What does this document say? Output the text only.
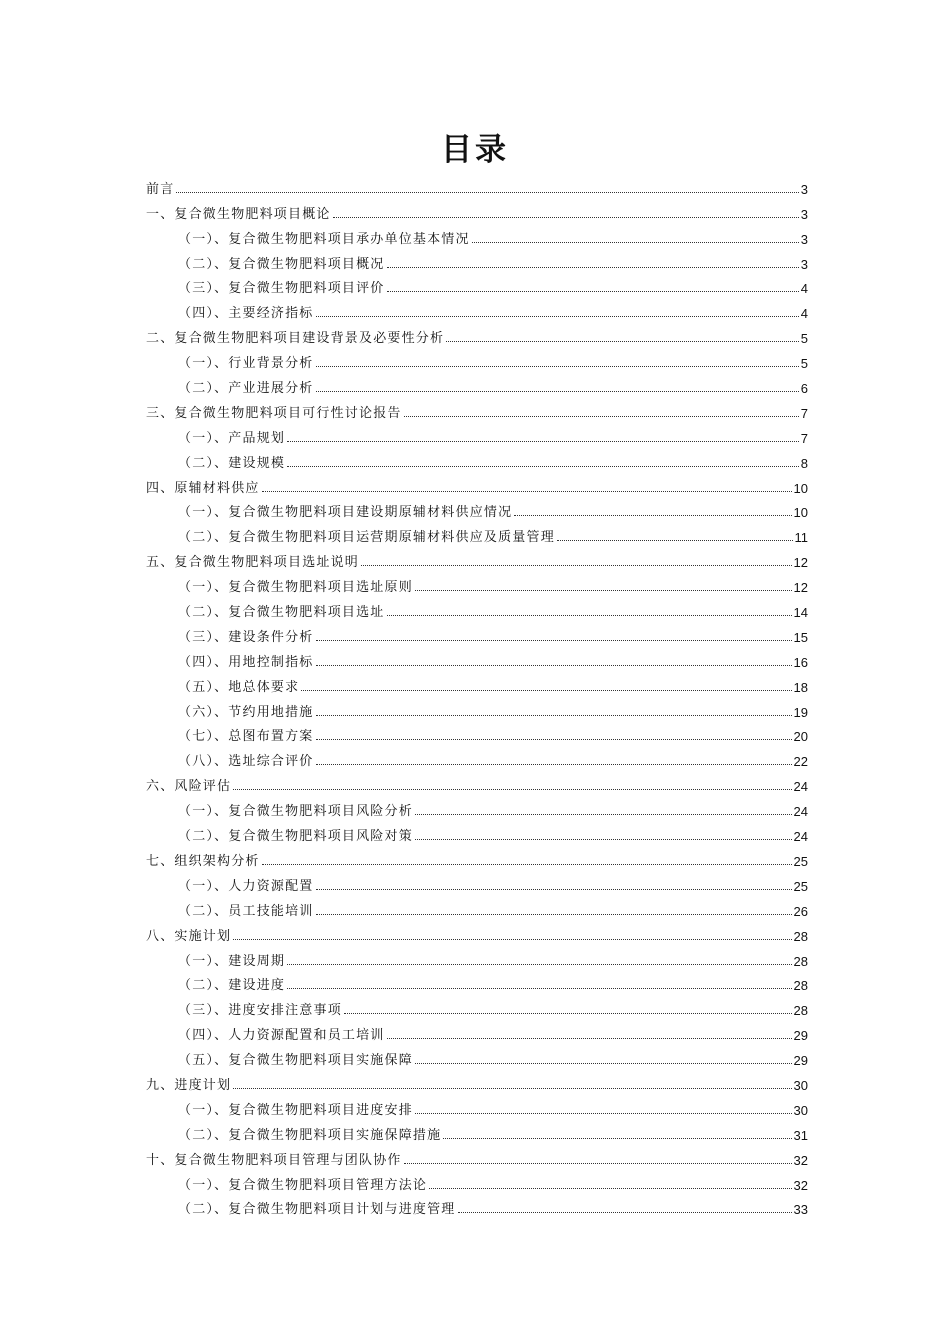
目录
前言	3
一、复合微生物肥料项目概论	3
（一）、复合微生物肥料项目承办单位基本情况	3
（二）、复合微生物肥料项目概况	3
（三）、复合微生物肥料项目评价	4
（四）、主要经济指标	4
二、复合微生物肥料项目建设背景及必要性分析	5
（一）、行业背景分析	5
（二）、产业进展分析	6
三、复合微生物肥料项目可行性讨论报告	7
（一）、产品规划	7
（二）、建设规模	8
四、原辅材料供应	10
（一）、复合微生物肥料项目建设期原辅材料供应情况	10
（二）、复合微生物肥料项目运营期原辅材料供应及质量管理	11
五、复合微生物肥料项目选址说明	12
（一）、复合微生物肥料项目选址原则	12
（二）、复合微生物肥料项目选址	14
（三）、建设条件分析	15
（四）、用地控制指标	16
（五）、地总体要求	18
（六）、节约用地措施	19
（七）、总图布置方案	20
（八）、选址综合评价	22
六、风险评估	24
（一）、复合微生物肥料项目风险分析	24
（二）、复合微生物肥料项目风险对策	24
七、组织架构分析	25
（一）、人力资源配置	25
（二）、员工技能培训	26
八、实施计划	28
（一）、建设周期	28
（二）、建设进度	28
（三）、进度安排注意事项	28
（四）、人力资源配置和员工培训	29
（五）、复合微生物肥料项目实施保障	29
九、进度计划	30
（一）、复合微生物肥料项目进度安排	30
（二）、复合微生物肥料项目实施保障措施	31
十、复合微生物肥料项目管理与团队协作	32
（一）、复合微生物肥料项目管理方法论	32
（二）、复合微生物肥料项目计划与进度管理	33
